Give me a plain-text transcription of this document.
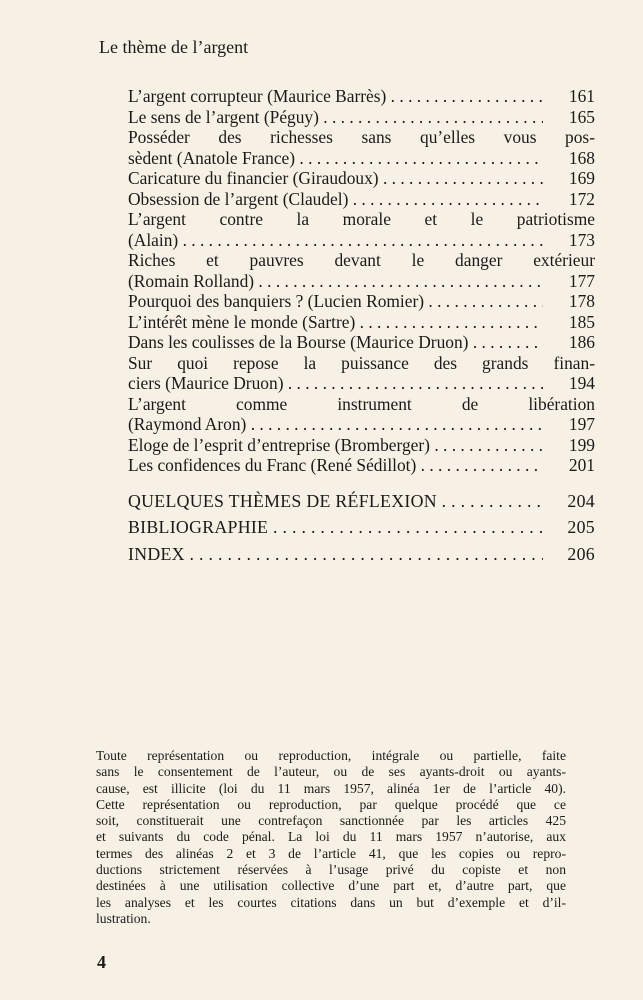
Le thème de l’argent
L’argent corrupteur (Maurice Barrès)	161
. . .
Le sens de l’argent (Péguy)	165
. . .
Posséder des richesses sans qu’elles vous pos-
sèdent (Anatole France)	168
. . .
Caricature du financier (Giraudoux)	169
. . .
Obsession de l’argent (Claudel)	172
. . .
L’argent contre la morale et le patriotisme
(Alain)	173
. . .
Riches et pauvres devant le danger extérieur
(Romain Rolland)	177
. . .
Pourquoi des banquiers ? (Lucien Romier)	178
. . .
L’intérêt mène le monde (Sartre)	185
. . .
Dans les coulisses de la Bourse (Maurice Druon)	186
. . .
Sur quoi repose la puissance des grands finan-
ciers (Maurice Druon)	194
. . .
L’argent comme instrument de libération
(Raymond Aron)	197
. . .
Eloge de l’esprit d’entreprise (Bromberger)	199
. . .
Les confidences du Franc (René Sédillot)	201
. . .
QUELQUES THÈMES DE RÉFLEXION	204
. . .
BIBLIOGRAPHIE	205
. . .
INDEX	206
. . .
Toute représentation ou reproduction, intégrale ou partielle, faite
sans le consentement de l’auteur, ou de ses ayants-droit ou ayants-
cause, est illicite (loi du 11 mars 1957, alinéa 1er de l’article 40).
Cette représentation ou reproduction, par quelque procédé que ce
soit, constituerait une contrefaçon sanctionnée par les articles 425
et suivants du code pénal. La loi du 11 mars 1957 n’autorise, aux
termes des alinéas 2 et 3 de l’article 41, que les copies ou repro-
ductions strictement réservées à l’usage privé du copiste et non
destinées à une utilisation collective d’une part et, d’autre part, que
les analyses et les courtes citations dans un but d’exemple et d’il-
lustration.
4
